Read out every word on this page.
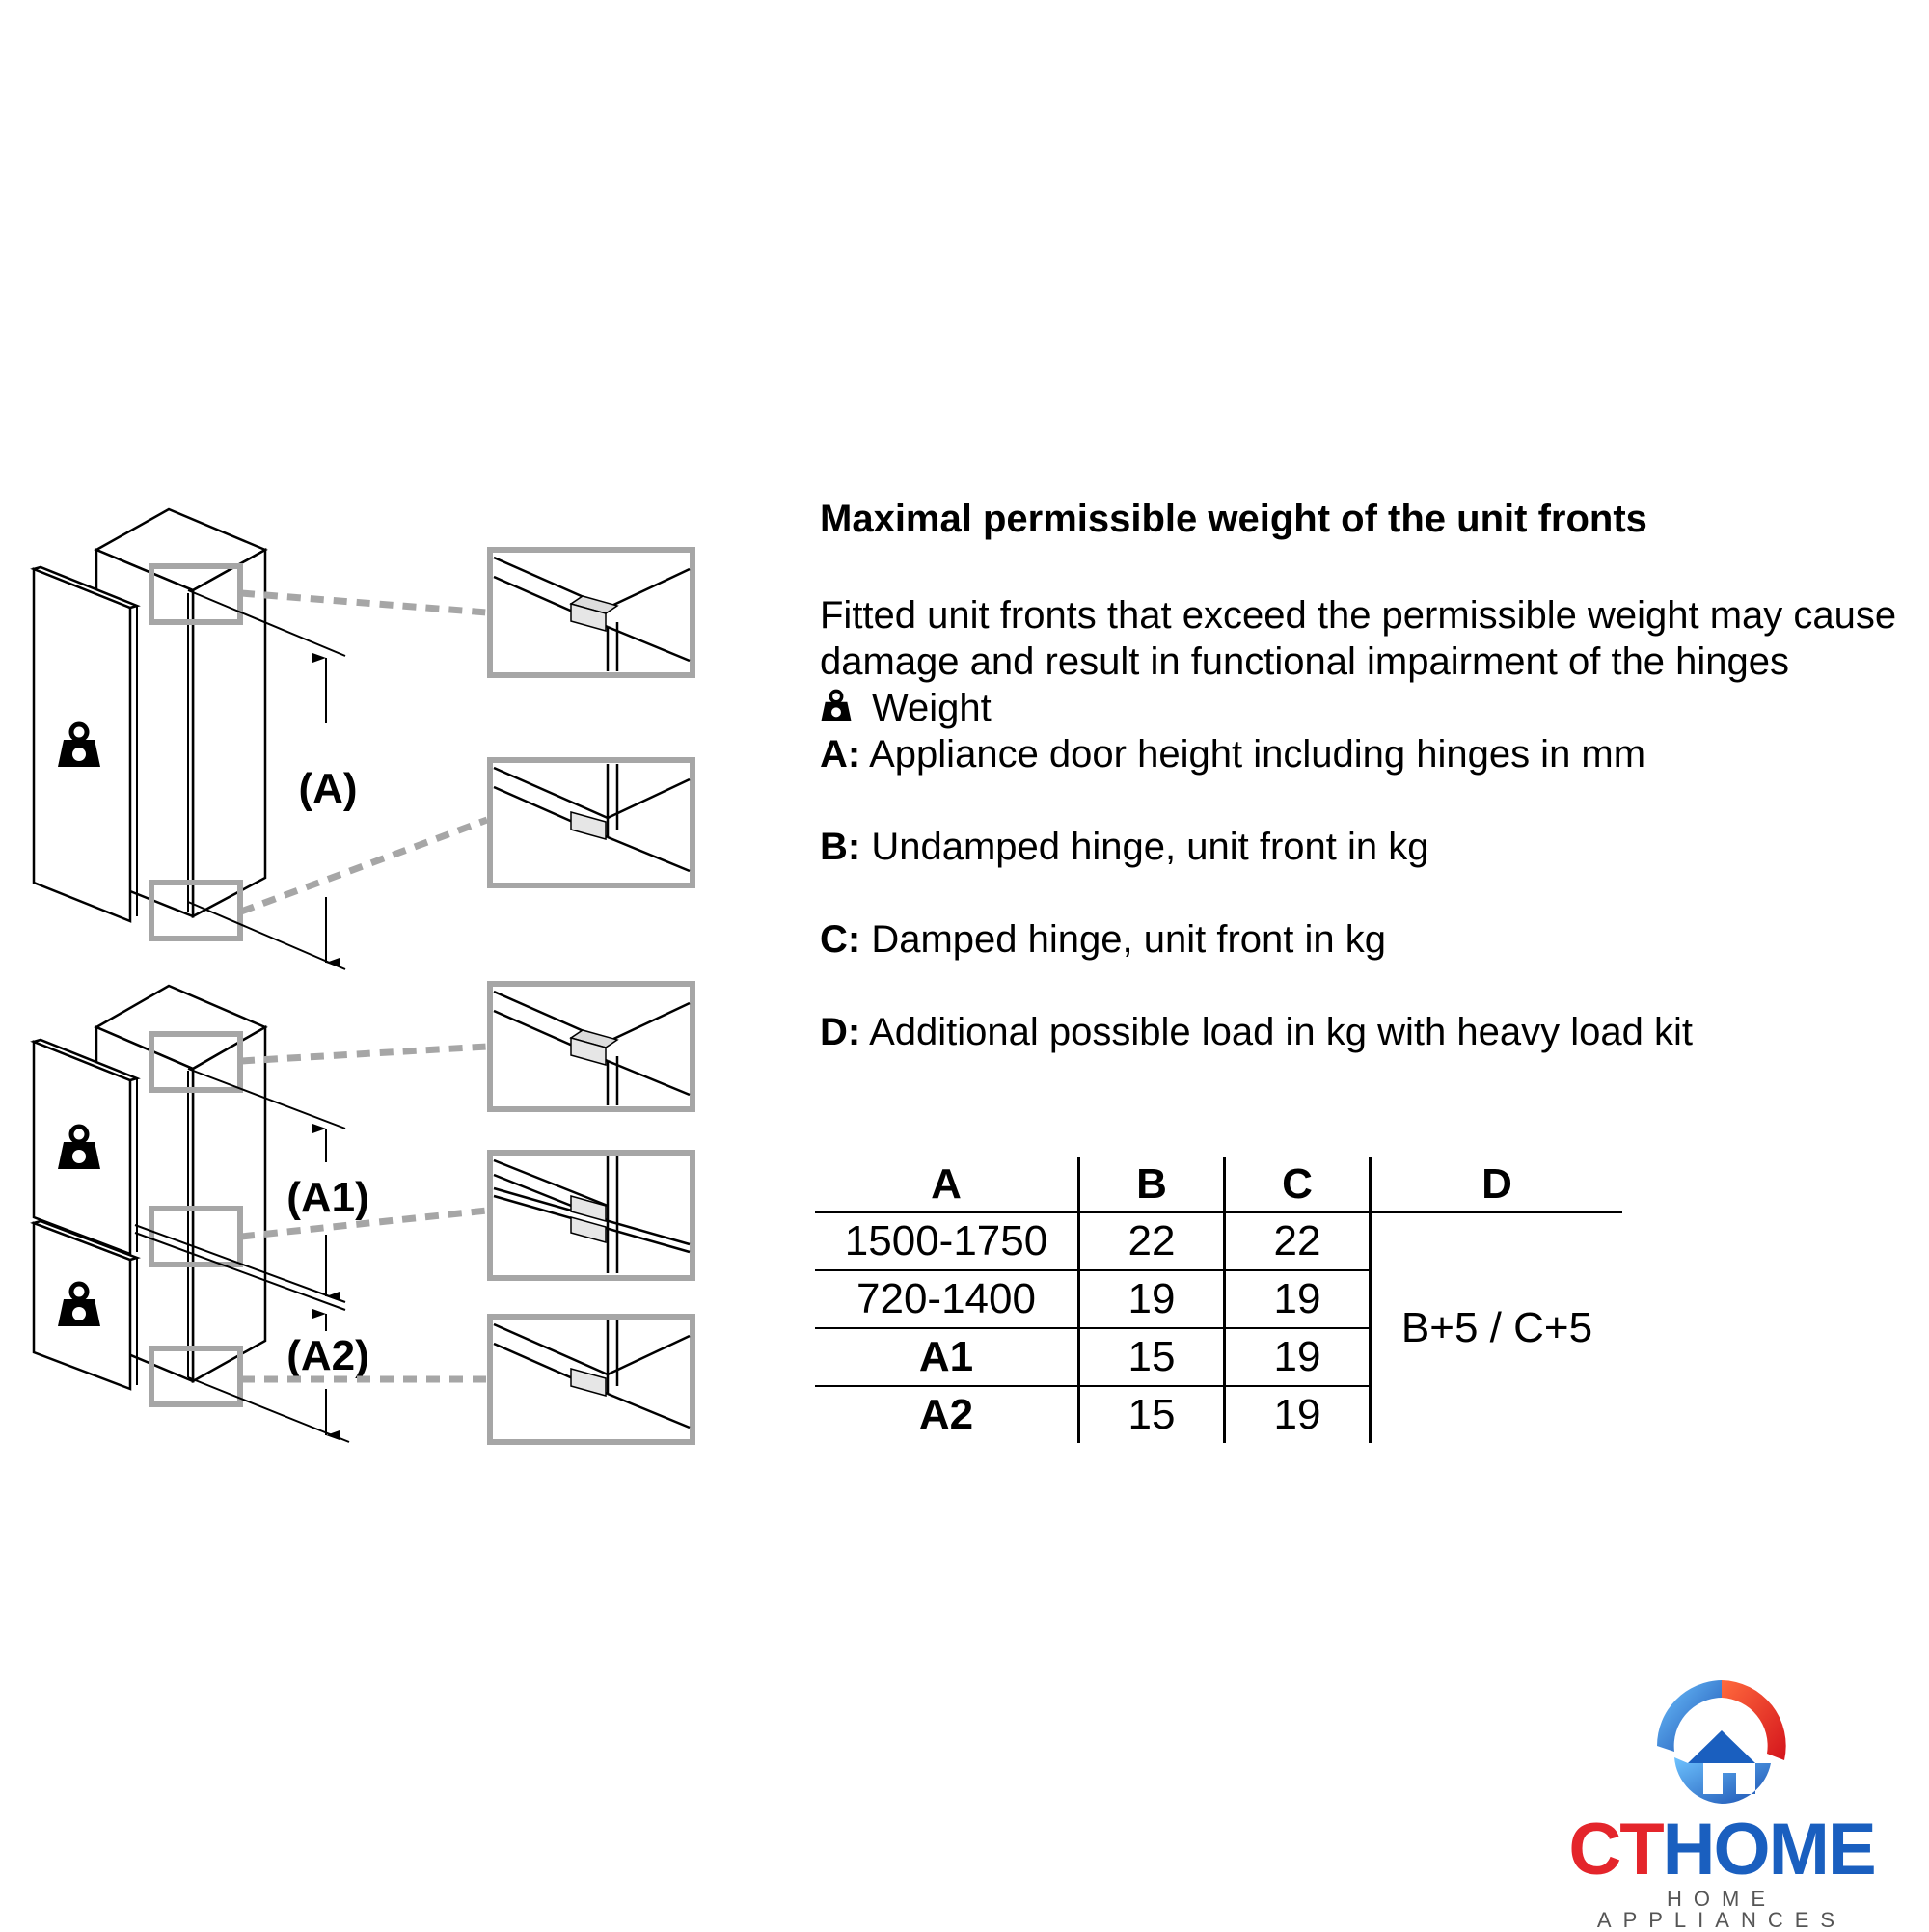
(A)
(A1)
(A2)

Maximal permissible weight of the unit fronts

Fitted unit fronts that exceed the permissible weight may cause damage and result in functional impairment of the hinges

Weight

A: Appliance door height including hinges in mm

B: Undamped hinge, unit front in kg

C: Damped hinge, unit front in kg

D: Additional possible load in kg with heavy load kit

A	B	C	D
1500-1750	22	22	B+5 / C+5
720-1400	19	19	
A1	15	19	
A2	15	19	
CTHOME
HOME APPLIANCES
